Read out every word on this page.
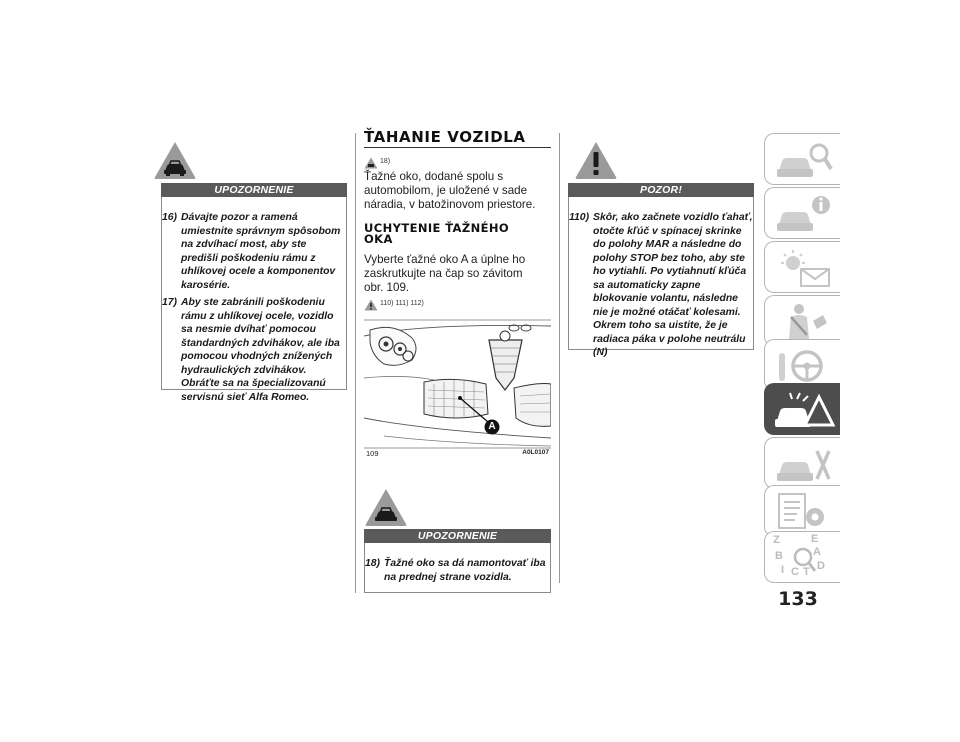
UPOZORNENIE
16) Dávajte pozor a ramená umiestnite správnym spôsobom na zdvíhací most, aby ste predišli poškodeniu rámu z uhlíkovej ocele a komponentov karosérie.
17) Aby ste zabránili poškodeniu rámu z uhlíkovej ocele, vozidlo sa nesmie dvíhať pomocou štandardných zdvihákov, ale iba pomocou vhodných znížených hydraulických zdvihákov. Obráťte sa na špecializovanú servisnú sieť Alfa Romeo.
ŤAHANIE VOZIDLA
18)
Ťažné oko, dodané spolu s automobilom, je uložené v sade náradia, v batožinovom priestore.
UCHYTENIE ŤAŽNÉHO
OKA
Vyberte ťažné oko A a úplne ho zaskrutkujte na čap so závitom obr. 109.
110) 111) 112)
A
109	A0L0107
UPOZORNENIE
18) Ťažné oko sa dá namontovať iba na prednej strane vozidla.
POZOR!
110) Skôr, ako začnete vozidlo ťahať, otočte kľúč v spínacej skrinke do polohy MAR a následne do polohy STOP bez toho, aby ste ho vytiahli. Po vytiahnutí kľúča sa automaticky zapne blokovanie volantu, následne nie je možné otáčať kolesami. Okrem toho sa uistite, že je radiaca páka v polohe neutrálu (N)
Z	E
B	A
I C T D
133
